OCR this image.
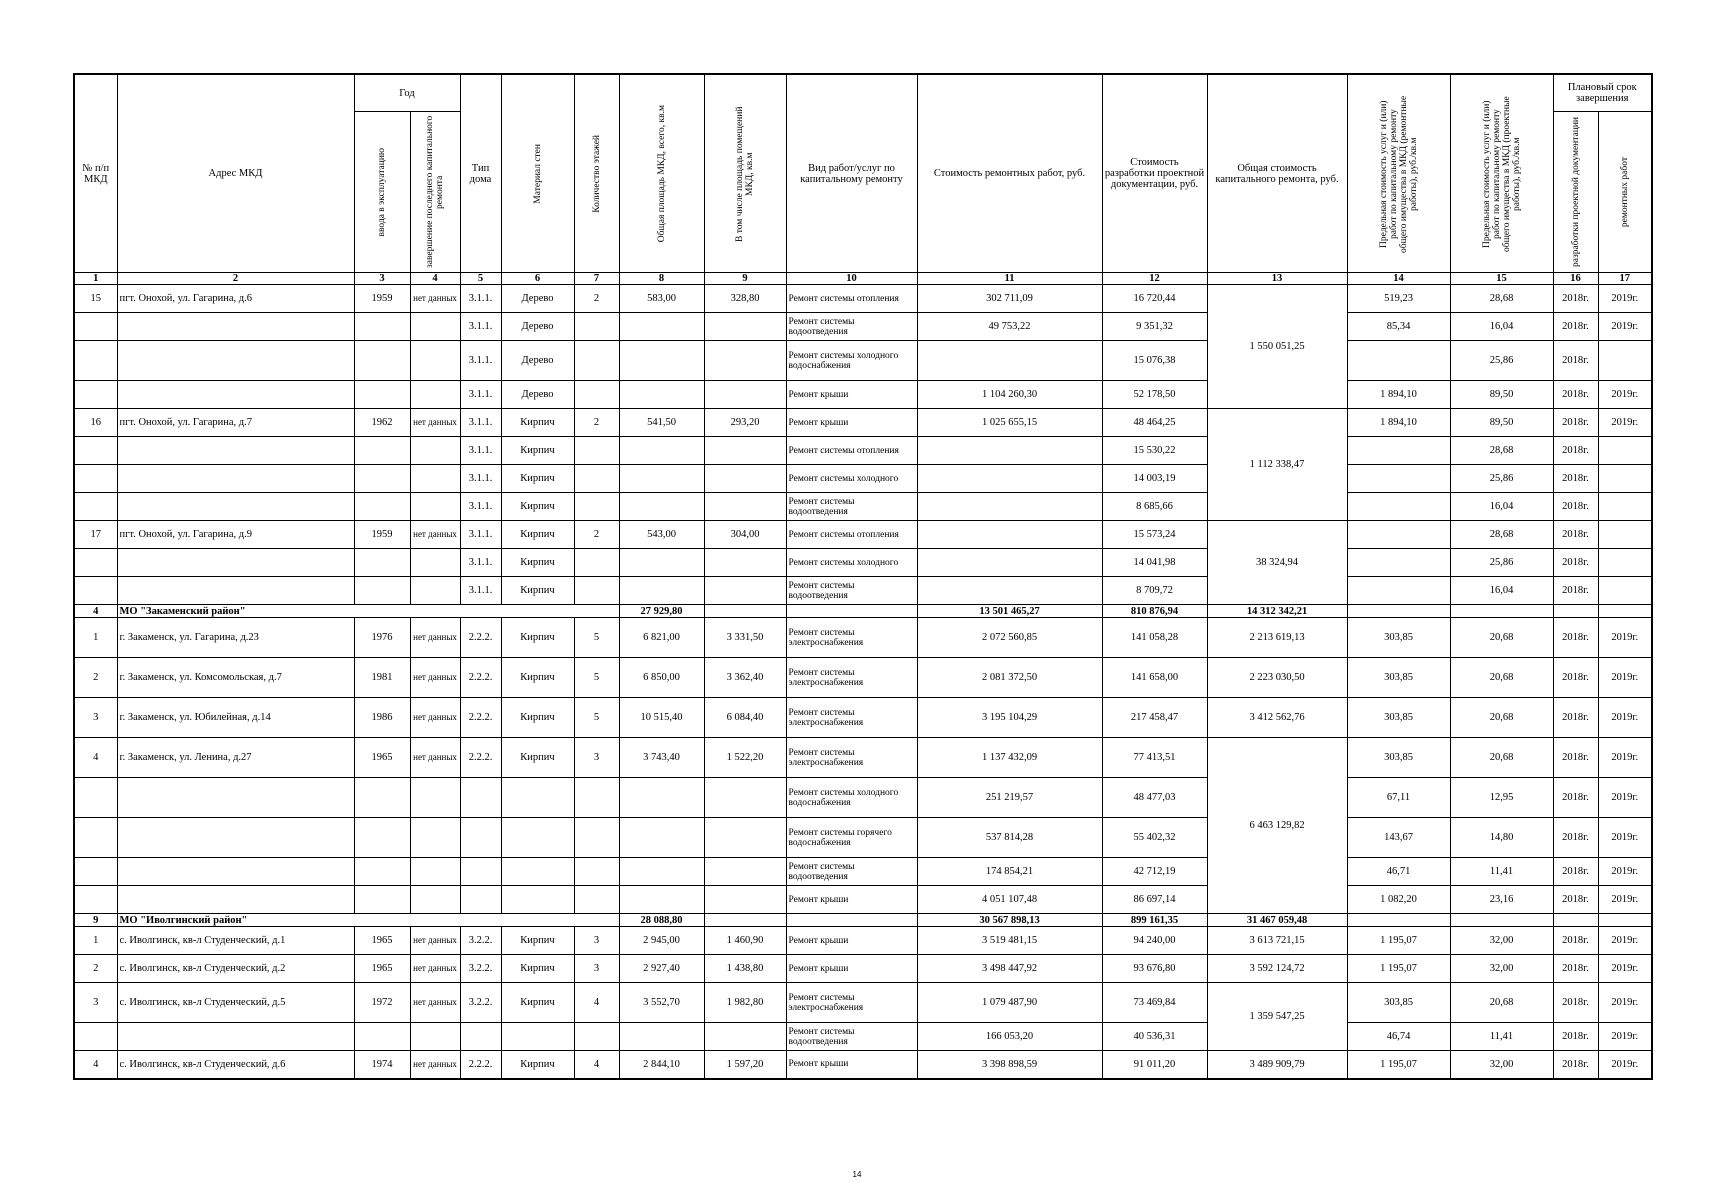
№ п/п МКД	Адрес МКД	Год		Тип дома	Материал стен	Количество этажей	Общая площадь МКД, всего, кв.м	В том числе площадь помещений МКД, кв.м	Вид работ/услуг по капитальному ремонту	Стоимость ремонтных работ, руб.	Стоимость разработки проектной документации, руб.	Общая стоимость капитального ремонта, руб.	Предельная стоимость услуг и (или) работ по капитальному ремонту общего имущества в МКД (ремонтные работы), руб./кв.м	Предельная стоимость услуг и (или) работ по капитальному ремонту общего имущества в МКД (проектные работы), руб./кв.м	Плановый срок завершения	

		ввода в эксплуатацию	завершение последнего капитального ремонта												разработки проектной документации	ремонтных работ

1	2	3	4	5	6	7	8	9	10	11	12	13	14	15	16	17
15	пгт. Онохой, ул. Гагарина, д.6	1959	нет данных	3.1.1.	Дерево	2	583,00	328,80	Ремонт системы отопления	302 711,09	16 720,44	1 550 051,25	519,23	28,68	2018г.	2019г.
				3.1.1.	Дерево				Ремонт системы водоотведения	49 753,22	9 351,32		85,34	16,04	2018г.	2019г.
				3.1.1.	Дерево				Ремонт системы холодного водоснабжения		15 076,38			25,86	2018г.	
				3.1.1.	Дерево				Ремонт крыши	1 104 260,30	52 178,50		1 894,10	89,50	2018г.	2019г.
16	пгт. Онохой, ул. Гагарина, д.7	1962	нет данных	3.1.1.	Кирпич	2	541,50	293,20	Ремонт крыши	1 025 655,15	48 464,25	1 112 338,47	1 894,10	89,50	2018г.	2019г.
				3.1.1.	Кирпич				Ремонт системы отопления		15 530,22			28,68	2018г.	
				3.1.1.	Кирпич				Ремонт системы холодного		14 003,19			25,86	2018г.	
				3.1.1.	Кирпич				Ремонт системы водоотведения		8 685,66			16,04	2018г.	
17	пгт. Онохой, ул. Гагарина, д.9	1959	нет данных	3.1.1.	Кирпич	2	543,00	304,00	Ремонт системы отопления		15 573,24	38 324,94		28,68	2018г.	
				3.1.1.	Кирпич				Ремонт системы холодного		14 041,98			25,86	2018г.	
				3.1.1.	Кирпич				Ремонт системы водоотведения		8 709,72			16,04	2018г.	
4	МО "Закаменский район"						27 929,80			13 501 465,27	810 876,94	14 312 342,21				
1	г. Закаменск, ул. Гагарина, д.23	1976	нет данных	2.2.2.	Кирпич	5	6 821,00	3 331,50	Ремонт системы электроснабжения	2 072 560,85	141 058,28	2 213 619,13	303,85	20,68	2018г.	2019г.
2	г. Закаменск, ул. Комсомольская, д.7	1981	нет данных	2.2.2.	Кирпич	5	6 850,00	3 362,40	Ремонт системы электроснабжения	2 081 372,50	141 658,00	2 223 030,50	303,85	20,68	2018г.	2019г.
3	г. Закаменск, ул. Юбилейная, д.14	1986	нет данных	2.2.2.	Кирпич	5	10 515,40	6 084,40	Ремонт системы электроснабжения	3 195 104,29	217 458,47	3 412 562,76	303,85	20,68	2018г.	2019г.
4	г. Закаменск, ул. Ленина, д.27	1965	нет данных	2.2.2.	Кирпич	3	3 743,40	1 522,20	Ремонт системы электроснабжения	1 137 432,09	77 413,51	6 463 129,82	303,85	20,68	2018г.	2019г.
									Ремонт системы холодного водоснабжения	251 219,57	48 477,03		67,11	12,95	2018г.	2019г.
									Ремонт системы горячего водоснабжения	537 814,28	55 402,32		143,67	14,80	2018г.	2019г.
									Ремонт системы водоотведения	174 854,21	42 712,19		46,71	11,41	2018г.	2019г.
									Ремонт крыши	4 051 107,48	86 697,14		1 082,20	23,16	2018г.	2019г.
9	МО "Иволгинский район"						28 088,80			30 567 898,13	899 161,35	31 467 059,48				
1	с. Иволгинск, кв-л Студенческий, д.1	1965	нет данных	3.2.2.	Кирпич	3	2 945,00	1 460,90	Ремонт крыши	3 519 481,15	94 240,00	3 613 721,15	1 195,07	32,00	2018г.	2019г.
2	с. Иволгинск, кв-л Студенческий, д.2	1965	нет данных	3.2.2.	Кирпич	3	2 927,40	1 438,80	Ремонт крыши	3 498 447,92	93 676,80	3 592 124,72	1 195,07	32,00	2018г.	2019г.
3	с. Иволгинск, кв-л Студенческий, д.5	1972	нет данных	3.2.2.	Кирпич	4	3 552,70	1 982,80	Ремонт системы электроснабжения	1 079 487,90	73 469,84	1 359 547,25	303,85	20,68	2018г.	2019г.
									Ремонт системы водоотведения	166 053,20	40 536,31		46,74	11,41	2018г.	2019г.
4	с. Иволгинск, кв-л Студенческий, д.6	1974	нет данных	2.2.2.	Кирпич	4	2 844,10	1 597,20	Ремонт крыши	3 398 898,59	91 011,20	3 489 909,79	1 195,07	32,00	2018г.	2019г.
14
